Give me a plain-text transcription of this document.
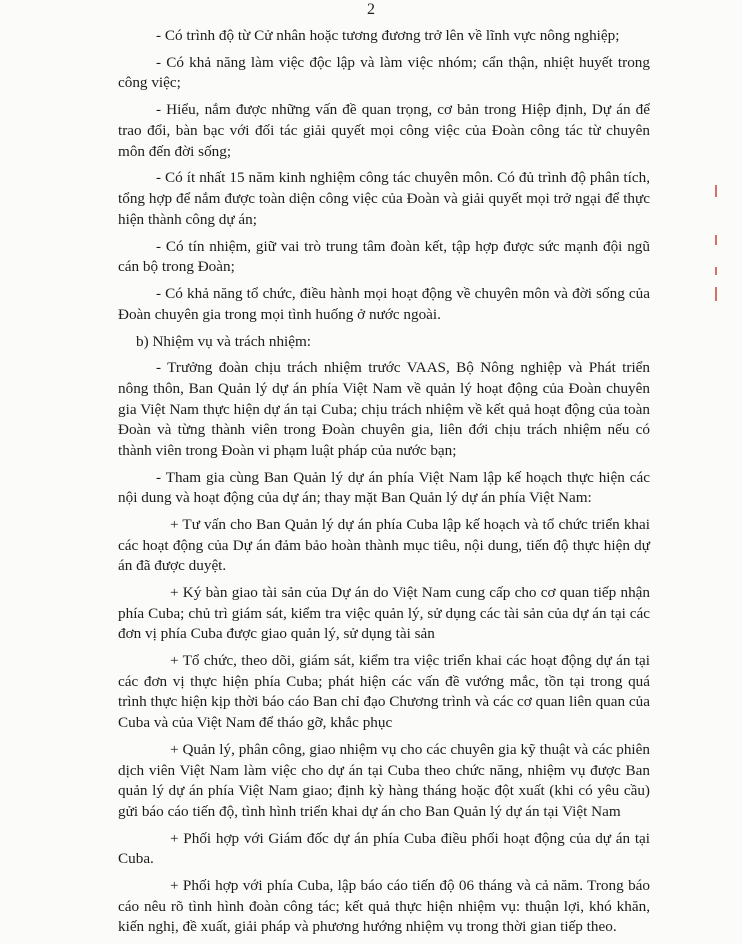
2

- Có trình độ từ Cử nhân hoặc tương đương trở lên về lĩnh vực nông nghiệp;

- Có khả năng làm việc độc lập và làm việc nhóm; cẩn thận, nhiệt huyết trong công việc;

- Hiểu, nắm được những vấn đề quan trọng, cơ bản trong Hiệp định, Dự án để trao đổi, bàn bạc với đối tác giải quyết mọi công việc của Đoàn công tác từ chuyên môn đến đời sống;

- Có ít nhất 15 năm kinh nghiệm công tác chuyên môn. Có đủ trình độ phân tích, tổng hợp để nắm được toàn diện công việc của Đoàn và giải quyết mọi trở ngại để thực hiện thành công dự án;

- Có tín nhiệm, giữ vai trò trung tâm đoàn kết, tập hợp được sức mạnh đội ngũ cán bộ trong Đoàn;

- Có khả năng tổ chức, điều hành mọi hoạt động về chuyên môn và đời sống của Đoàn chuyên gia trong mọi tình huống ở nước ngoài.

b) Nhiệm vụ và trách nhiệm:

- Trưởng đoàn chịu trách nhiệm trước VAAS, Bộ Nông nghiệp và Phát triển nông thôn, Ban Quản lý dự án phía Việt Nam về quản lý hoạt động của Đoàn chuyên gia Việt Nam thực hiện dự án tại Cuba; chịu trách nhiệm về kết quả hoạt động của toàn Đoàn và từng thành viên trong Đoàn chuyên gia, liên đới chịu trách nhiệm nếu có thành viên trong Đoàn vi phạm luật pháp của nước bạn;

- Tham gia cùng Ban Quản lý dự án phía Việt Nam lập kế hoạch thực hiện các nội dung và hoạt động của dự án; thay mặt Ban Quản lý dự án phía Việt Nam:

+ Tư vấn cho Ban Quản lý dự án phía Cuba lập kế hoạch và tổ chức triển khai các hoạt động của Dự án đảm bảo hoàn thành mục tiêu, nội dung, tiến độ thực hiện dự án đã được duyệt.

+ Ký bàn giao tài sản của Dự án do Việt Nam cung cấp cho cơ quan tiếp nhận phía Cuba; chủ trì giám sát, kiểm tra việc quản lý, sử dụng các tài sản của dự án tại các đơn vị phía Cuba được giao quản lý, sử dụng tài sản

+ Tổ chức, theo dõi, giám sát, kiểm tra việc triển khai các hoạt động dự án tại các đơn vị thực hiện phía Cuba; phát hiện các vấn đề vướng mắc, tồn tại trong quá trình thực hiện kịp thời báo cáo Ban chỉ đạo Chương trình và các cơ quan liên quan của Cuba và của Việt Nam để tháo gỡ, khắc phục

+ Quản lý, phân công, giao nhiệm vụ cho các chuyên gia kỹ thuật và các phiên dịch viên Việt Nam làm việc cho dự án tại Cuba theo chức năng, nhiệm vụ được Ban quản lý dự án phía Việt Nam giao; định kỳ hàng tháng hoặc đột xuất (khi có yêu cầu) gửi báo cáo tiến độ, tình hình triển khai dự án cho Ban Quản lý dự án tại Việt Nam

+ Phối hợp với Giám đốc dự án phía Cuba điều phối hoạt động của dự án tại Cuba.

+ Phối hợp với phía Cuba, lập báo cáo tiến độ 06 tháng và cả năm. Trong báo cáo nêu rõ tình hình đoàn công tác; kết quả thực hiện nhiệm vụ: thuận lợi, khó khăn, kiến nghị, đề xuất, giải pháp và phương hướng nhiệm vụ trong thời gian tiếp theo.
